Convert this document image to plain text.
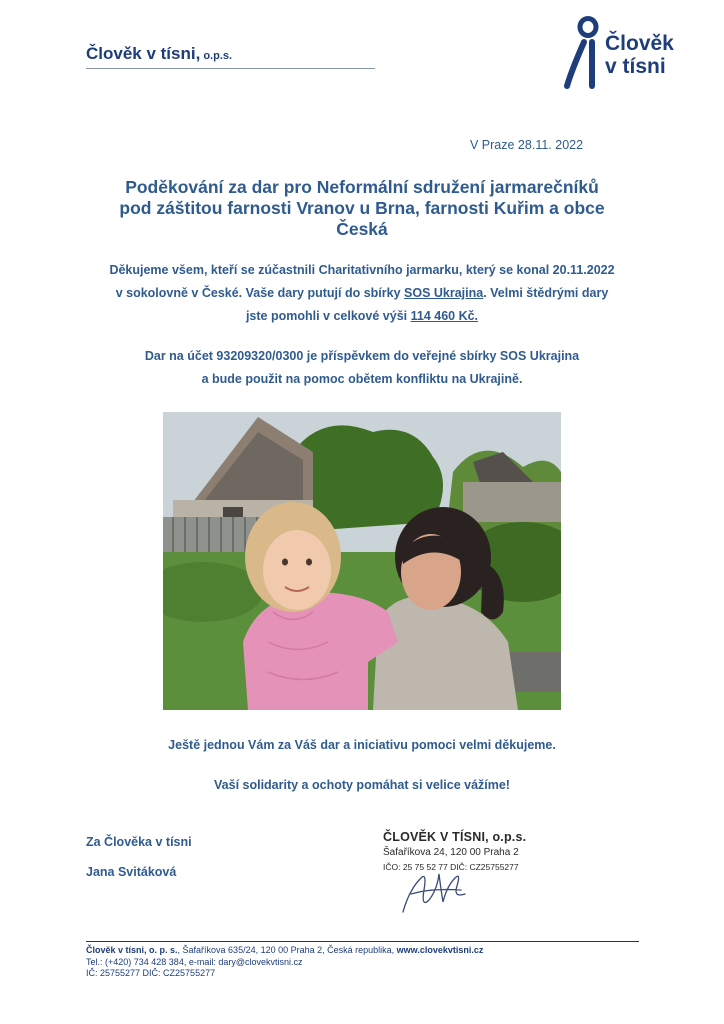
Člověk v tísni, o.p.s.
Člověk
v tísni
V Praze 28.11. 2022
Poděkování za dar pro Neformální sdružení jarmarečníků
pod záštitou farnosti Vranov u Brna, farnosti Kuřim a obce
Česká
Děkujeme všem, kteří se zúčastnili Charitativního jarmarku, který se konal 20.11.2022
v sokolovně v České. Vaše dary putují do sbírky SOS Ukrajina. Velmi štědrými dary
jste pomohli v celkové výši 114 460 Kč.
Dar na účet 93209320/0300 je příspěvkem do veřejné sbírky SOS Ukrajina
a bude použit na pomoc obětem konfliktu na Ukrajině.
Ještě jednou Vám za Váš dar a iniciativu pomoci velmi děkujeme.
Vaší solidarity a ochoty pomáhat si velice vážíme!
Za Člověka v tísni
Jana Svitáková
ČLOVĚK V TÍSNI, o.p.s.
Šafaříkova 24, 120 00 Praha 2
IČO: 25 75 52 77 DIČ: CZ25755277
Člověk v tísni, o. p. s., Šafaříkova 635/24, 120 00 Praha 2, Česká republika, www.clovekvtisni.cz
Tel.: (+420) 734 428 384, e-mail: dary@clovekvtisni.cz
IČ: 25755277 DIČ: CZ25755277
